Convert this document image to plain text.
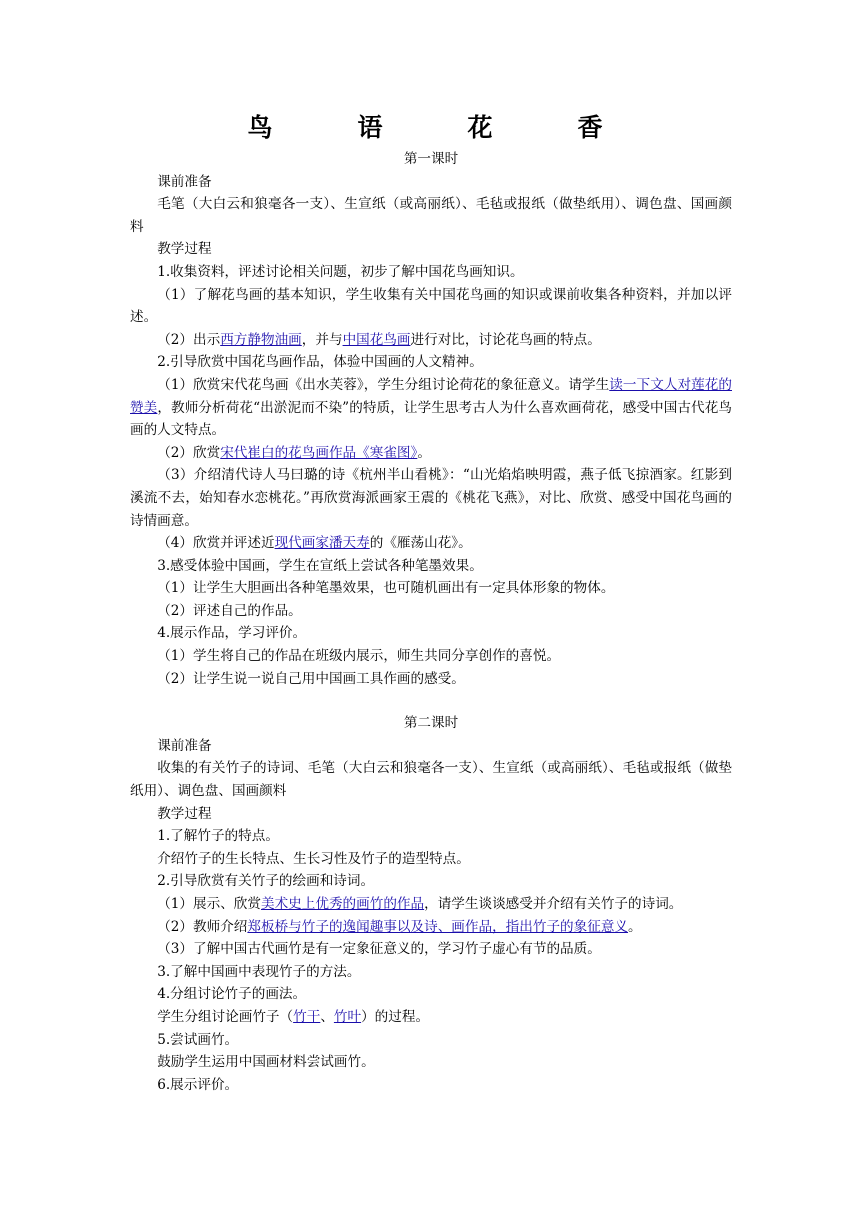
鸟　语　花　香
第一课时

课前准备

毛笔（大白云和狼毫各一支）、生宣纸（或高丽纸）、毛毡或报纸（做垫纸用）、调色盘、国画颜料

教学过程

1.收集资料，评述讨论相关问题，初步了解中国花鸟画知识。

（1）了解花鸟画的基本知识，学生收集有关中国花鸟画的知识或课前收集各种资料，并加以评述。

（2）出示西方静物油画，并与中国花鸟画进行对比，讨论花鸟画的特点。

2.引导欣赏中国花鸟画作品，体验中国画的人文精神。

（1）欣赏宋代花鸟画《出水芙蓉》，学生分组讨论荷花的象征意义。请学生读一下文人对莲花的赞美，教师分析荷花“出淤泥而不染”的特质，让学生思考古人为什么喜欢画荷花，感受中国古代花鸟画的人文特点。

（2）欣赏宋代崔白的花鸟画作品《寒雀图》。

（3）介绍清代诗人马曰璐的诗《杭州半山看桃》：“山光焰焰映明霞，燕子低飞掠酒家。红影到溪流不去，始知春水恋桃花。”再欣赏海派画家王震的《桃花飞燕》，对比、欣赏、感受中国花鸟画的诗情画意。

（4）欣赏并评述近现代画家潘天寿的《雁荡山花》。

3.感受体验中国画，学生在宣纸上尝试各种笔墨效果。

（1）让学生大胆画出各种笔墨效果，也可随机画出有一定具体形象的物体。

（2）评述自己的作品。

4.展示作品，学习评价。

（1）学生将自己的作品在班级内展示，师生共同分享创作的喜悦。

（2）让学生说一说自己用中国画工具作画的感受。

第二课时

课前准备

收集的有关竹子的诗词、毛笔（大白云和狼毫各一支）、生宣纸（或高丽纸）、毛毡或报纸（做垫纸用）、调色盘、国画颜料

教学过程

1.了解竹子的特点。

介绍竹子的生长特点、生长习性及竹子的造型特点。

2.引导欣赏有关竹子的绘画和诗词。

（1）展示、欣赏美术史上优秀的画竹的作品，请学生谈谈感受并介绍有关竹子的诗词。

（2）教师介绍郑板桥与竹子的逸闻趣事以及诗、画作品，指出竹子的象征意义。

（3）了解中国古代画竹是有一定象征意义的，学习竹子虚心有节的品质。

3.了解中国画中表现竹子的方法。

4.分组讨论竹子的画法。

学生分组讨论画竹子（竹干、竹叶）的过程。

5.尝试画竹。

鼓励学生运用中国画材料尝试画竹。

6.展示评价。
